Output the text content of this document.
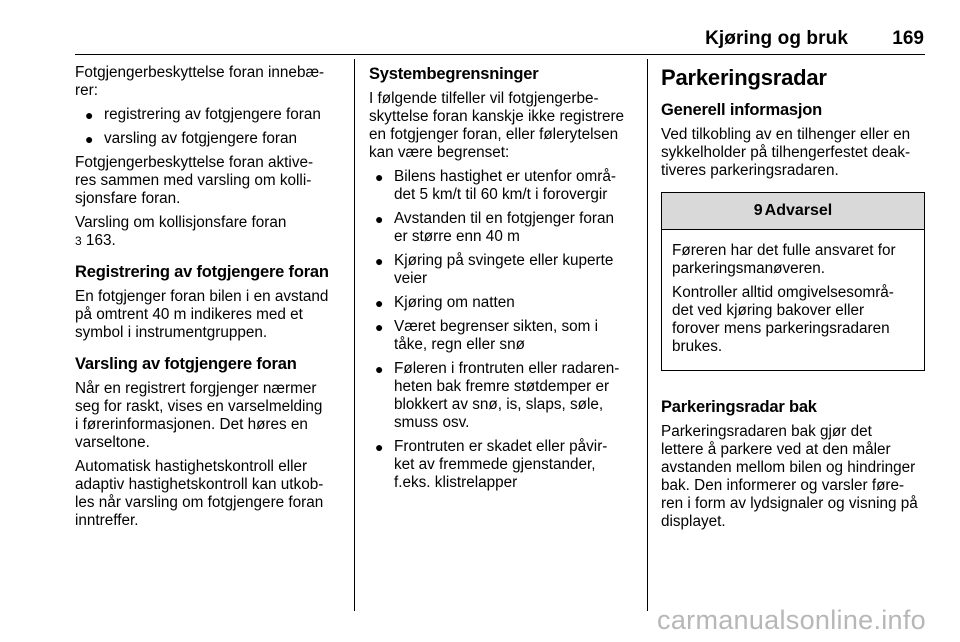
Kjøring og bruk 169

Fotgjengerbeskyttelse foran innebæ-
rer:

● registrering av fotgjengere foran
● varsling av fotgjengere foran

Fotgjengerbeskyttelse foran aktive-
res sammen med varsling om kolli-
sjonsfare foran.

Varsling om kollisjonsfare foran
3 163.

Registrering av fotgjengere foran

En fotgjenger foran bilen i en avstand
på omtrent 40 m indikeres med et
symbol i instrumentgruppen.

Varsling av fotgjengere foran

Når en registrert forgjenger nærmer
seg for raskt, vises en varselmelding
i førerinformasjonen. Det høres en
varseltone.

Automatisk hastighetskontroll eller
adaptiv hastighetskontroll kan utkob-
les når varsling om fotgjengere foran
inntreffer.

Systembegrensninger

I følgende tilfeller vil fotgjengerbe-
skyttelse foran kanskje ikke registrere
en fotgjenger foran, eller følerytelsen
kan være begrenset:

● Bilens hastighet er utenfor områ-
det 5 km/t til 60 km/t i forovergir
● Avstanden til en fotgjenger foran
er større enn 40 m
● Kjøring på svingete eller kuperte
veier
● Kjøring om natten
● Været begrenser sikten, som i
tåke, regn eller snø
● Føleren i frontruten eller radaren-
heten bak fremre støtdemper er
blokkert av snø, is, slaps, søle,
smuss osv.
● Frontruten er skadet eller påvir-
ket av fremmede gjenstander,
f.eks. klistrelapper
Parkeringsradar
Generell informasjon

Ved tilkobling av en tilhenger eller en
sykkelholder på tilhengerfestet deak-
tiveres parkeringsradaren.

9 Advarsel

Føreren har det fulle ansvaret for
parkeringsmanøveren.

Kontroller alltid omgivelsesområ-
det ved kjøring bakover eller
forover mens parkeringsradaren
brukes.

Parkeringsradar bak

Parkeringsradaren bak gjør det
lettere å parkere ved at den måler
avstanden mellom bilen og hindringer
bak. Den informerer og varsler føre-
ren i form av lydsignaler og visning på
displayet.

carmanualsonline.info
